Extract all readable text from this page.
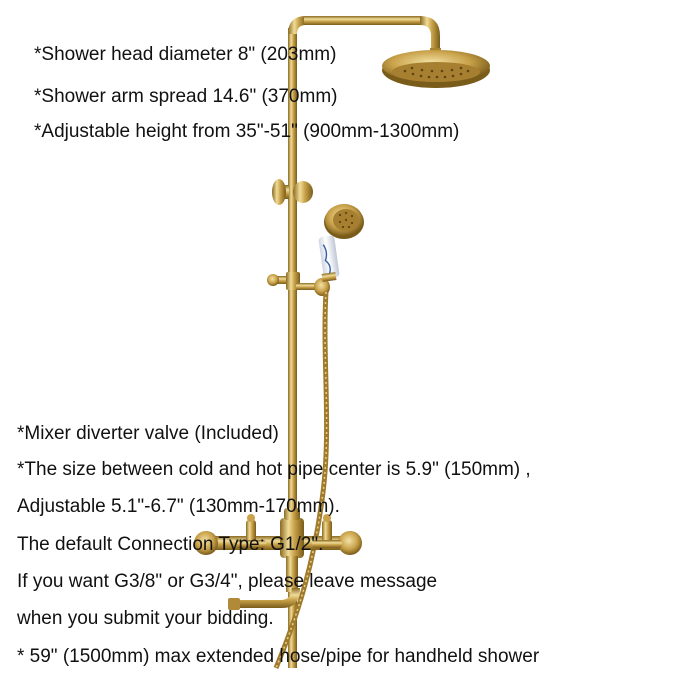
*Shower head diameter 8" (203mm)

*Shower arm spread 14.6" (370mm)

*Adjustable height from 35"-51" (900mm-1300mm)

*Mixer diverter valve (Included)

*The size between cold and hot pipe center is 5.9" (150mm) ,

Adjustable 5.1"-6.7" (130mm-170mm).

The default Connection Type: G1/2".

If you want G3/8" or G3/4", please leave message

when you submit your bidding.

* 59" (1500mm) max extended hose/pipe for handheld shower
